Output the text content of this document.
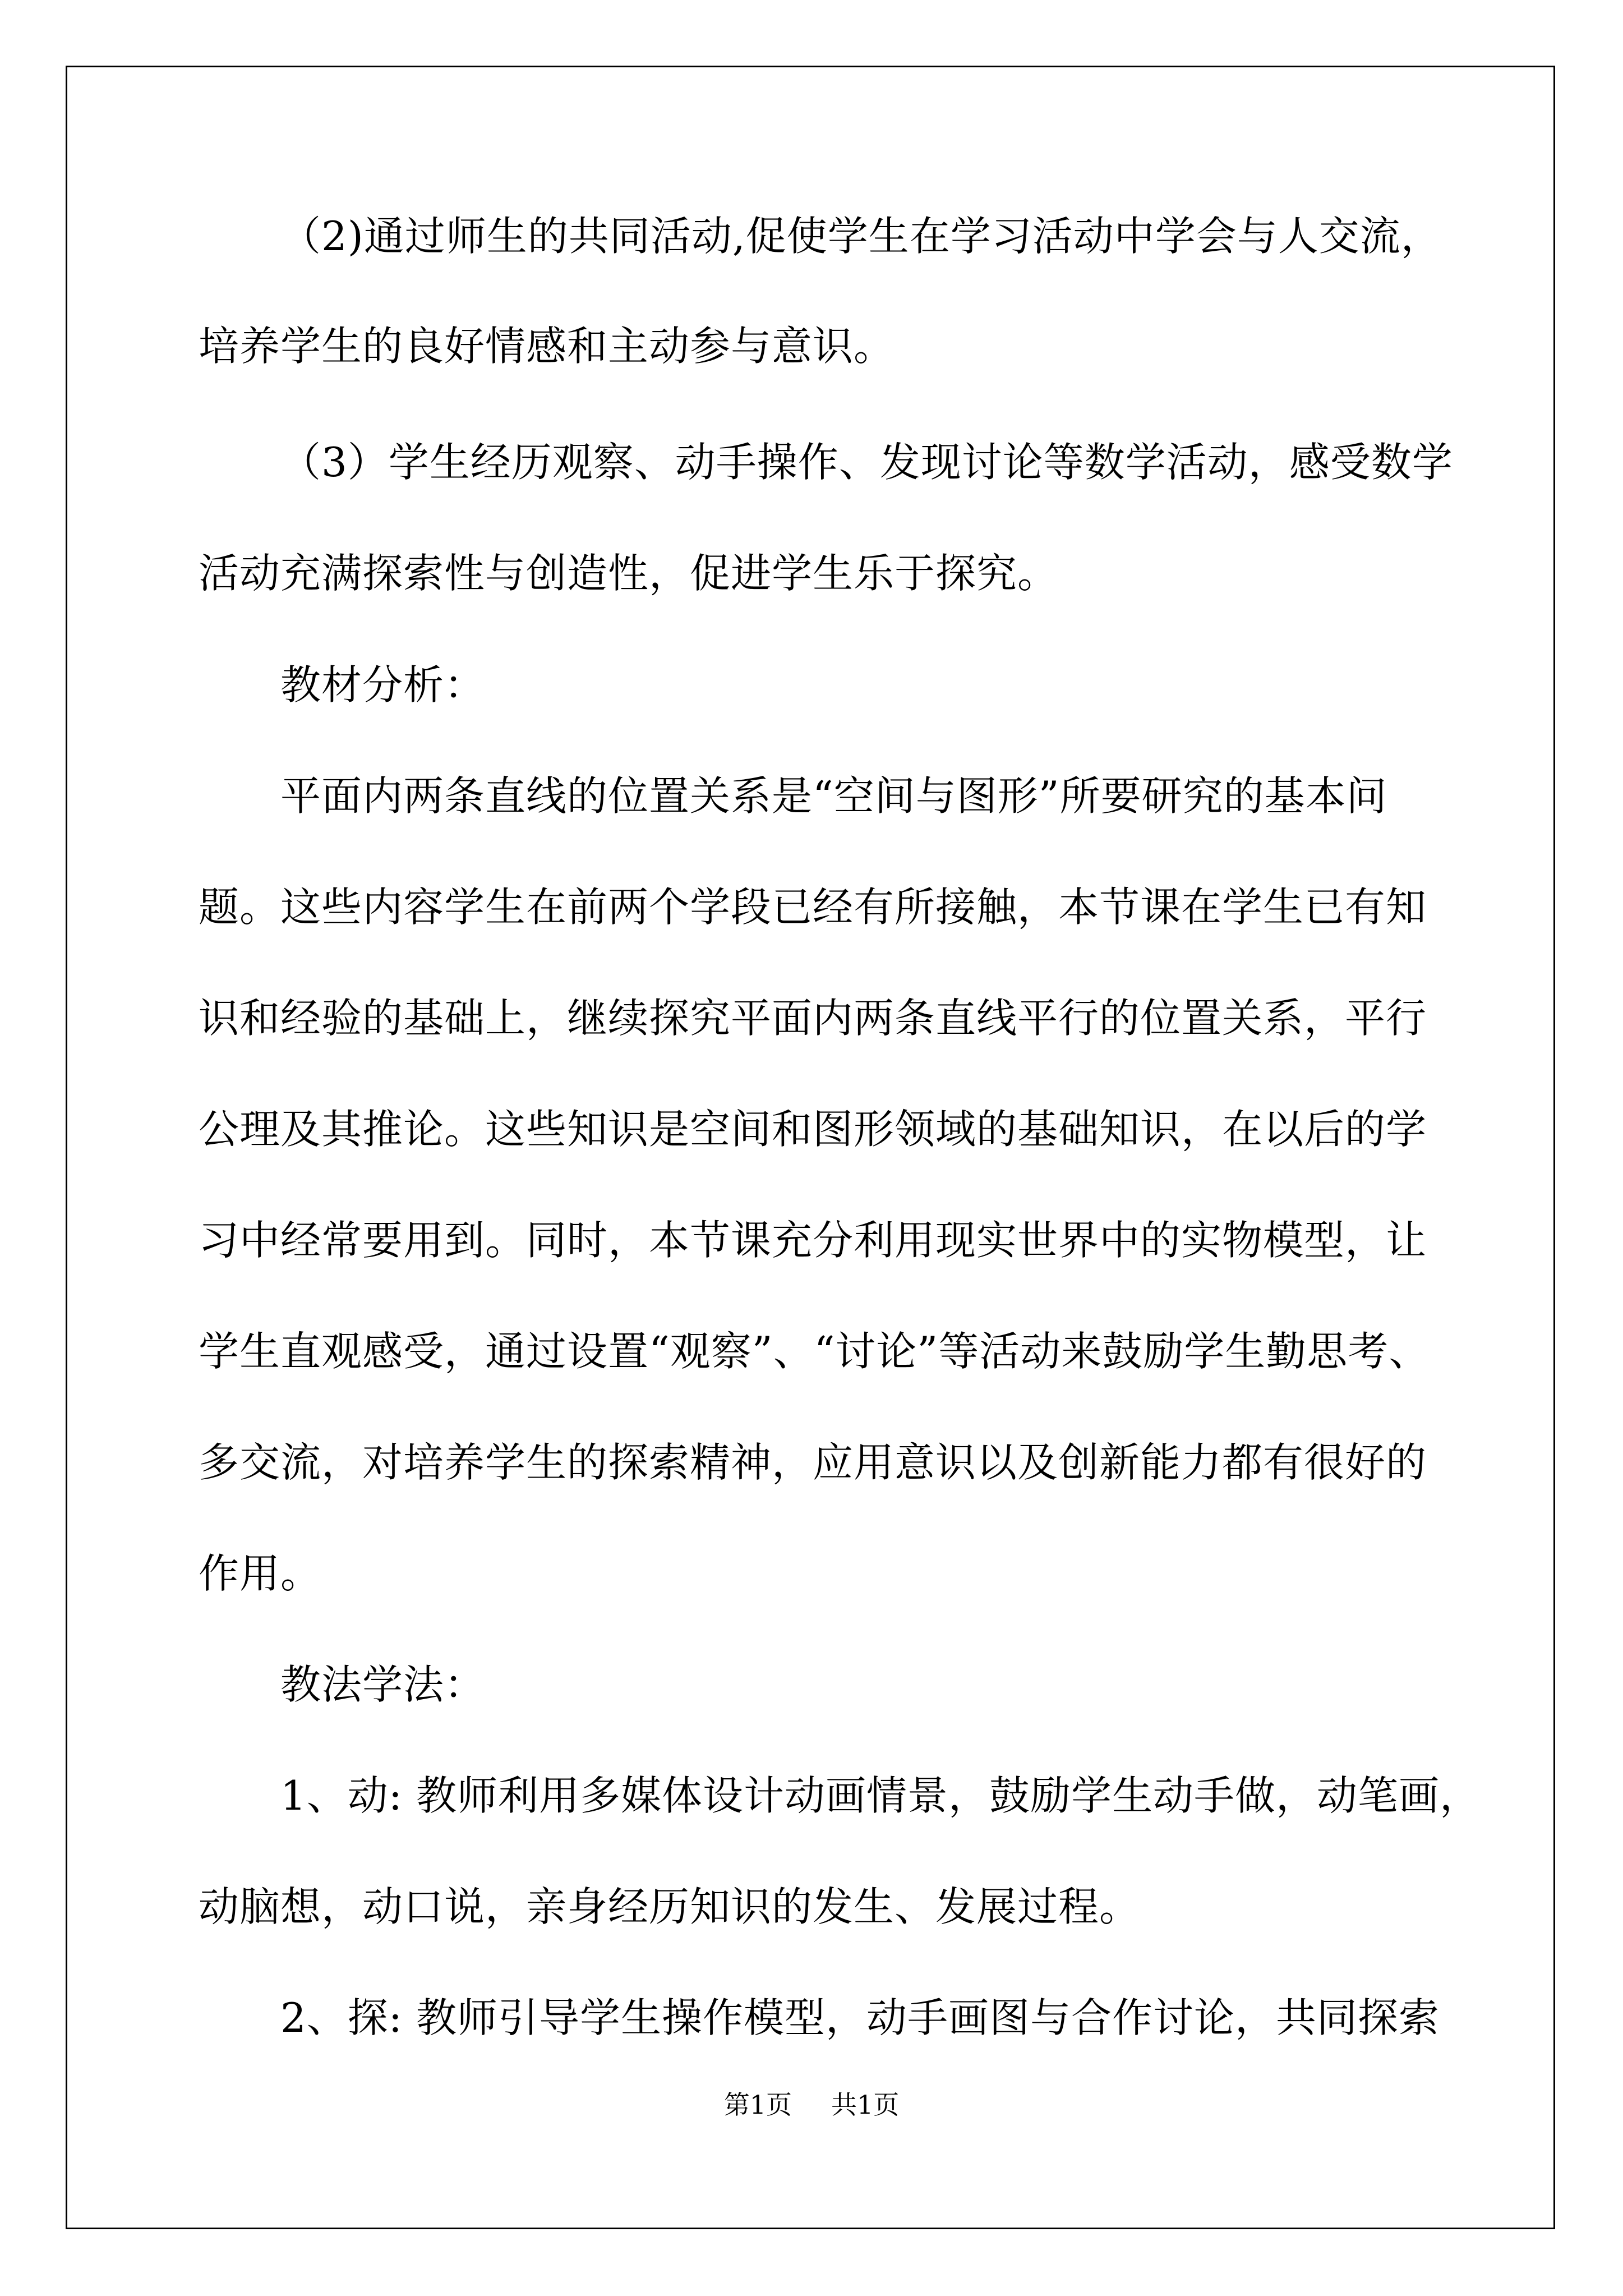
（2)通过师生的共同活动,促使学生在学习活动中学会与人交流，
培养学生的良好情感和主动参与意识。
（3）学生经历观察、动手操作、发现讨论等数学活动，感受数学
活动充满探索性与创造性，促进学生乐于探究。
教材分析：
平面内两条直线的位置关系是“空间与图形”所要研究的基本问
题。这些内容学生在前两个学段已经有所接触，本节课在学生已有知
识和经验的基础上，继续探究平面内两条直线平行的位置关系，平行
公理及其推论。这些知识是空间和图形领域的基础知识，在以后的学
习中经常要用到。同时，本节课充分利用现实世界中的实物模型，让
学生直观感受，通过设置“观察”、“讨论”等活动来鼓励学生勤思考、
多交流，对培养学生的探索精神，应用意识以及创新能力都有很好的
作用。
教法学法：
1、动: 教师利用多媒体设计动画情景，鼓励学生动手做，动笔画，
动脑想，动口说，亲身经历知识的发生、发展过程。
2、探: 教师引导学生操作模型，动手画图与合作讨论，共同探索
第1页 共1页
